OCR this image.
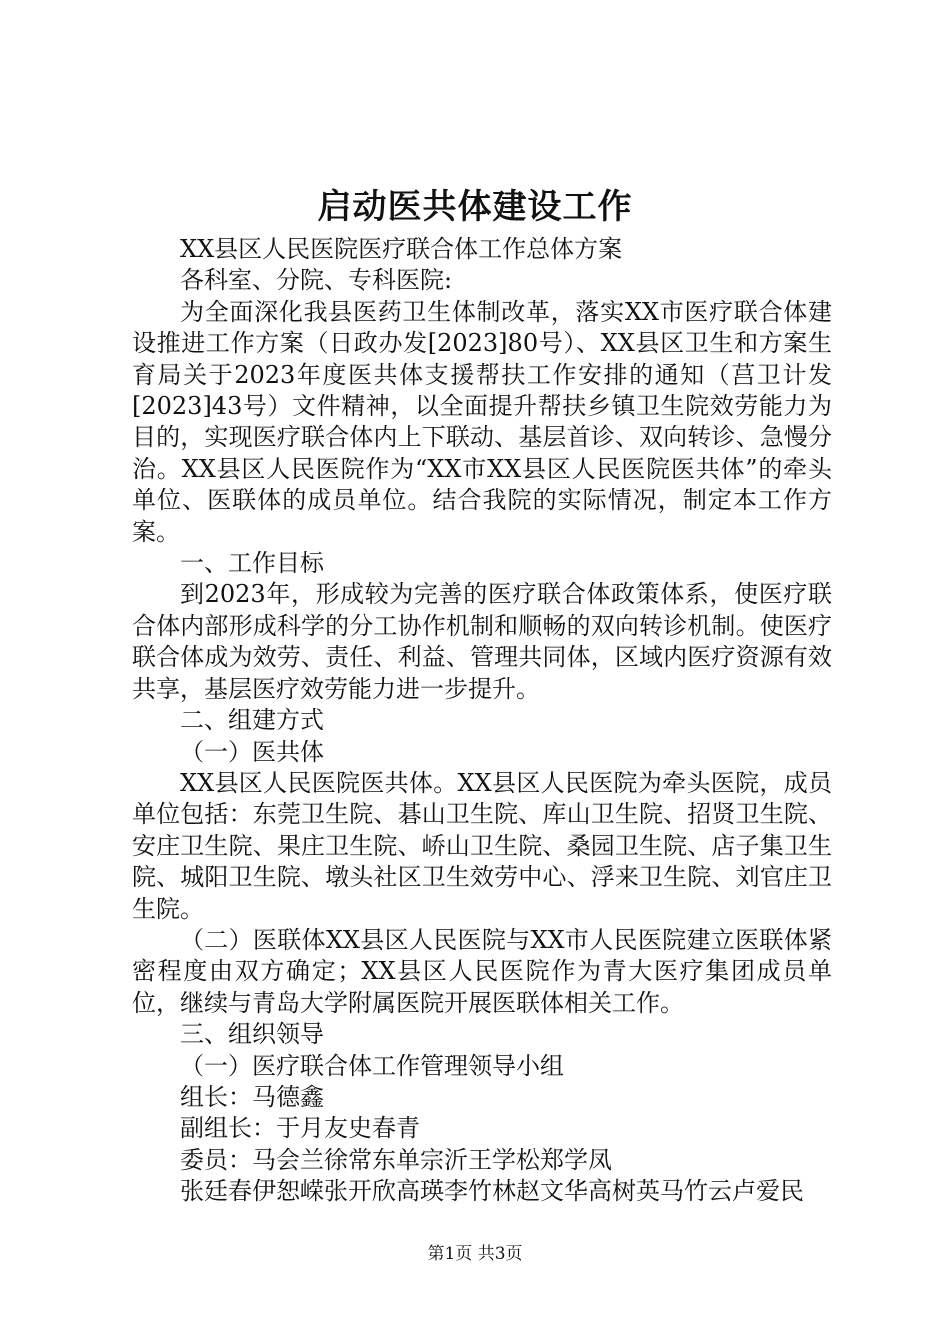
启动医共体建设工作

XX县区人民医院医疗联合体工作总体方案

各科室、分院、专科医院:

为全面深化我县医药卫生体制改革，落实XX市医疗联合体建设推进工作方案（日政办发[2023]80号）、XX县区卫生和方案生育局关于2023年度医共体支援帮扶工作安排的通知（莒卫计发[2023]43号）文件精神，以全面提升帮扶乡镇卫生院效劳能力为目的，实现医疗联合体内上下联动、基层首诊、双向转诊、急慢分治。XX县区人民医院作为“XX市XX县区人民医院医共体”的牵头单位、医联体的成员单位。结合我院的实际情况，制定本工作方案。

一、工作目标

到2023年，形成较为完善的医疗联合体政策体系，使医疗联合体内部形成科学的分工协作机制和顺畅的双向转诊机制。使医疗联合体成为效劳、责任、利益、管理共同体，区域内医疗资源有效共享，基层医疗效劳能力进一步提升。

二、组建方式

（一）医共体

XX县区人民医院医共体。XX县区人民医院为牵头医院，成员单位包括：东莞卫生院、碁山卫生院、库山卫生院、招贤卫生院、安庄卫生院、果庄卫生院、峤山卫生院、桑园卫生院、店子集卫生院、城阳卫生院、墩头社区卫生效劳中心、浮来卫生院、刘官庄卫生院。

（二）医联体XX县区人民医院与XX市人民医院建立医联体紧密程度由双方确定；XX县区人民医院作为青大医疗集团成员单位，继续与青岛大学附属医院开展医联体相关工作。

三、组织领导

（一）医疗联合体工作管理领导小组

组长：马德鑫

副组长：于月友史春青

委员：马会兰徐常东单宗沂王学松郑学凤

张廷春伊恕嵘张开欣高瑛李竹林赵文华高树英马竹云卢爱民

第1页 共3页
